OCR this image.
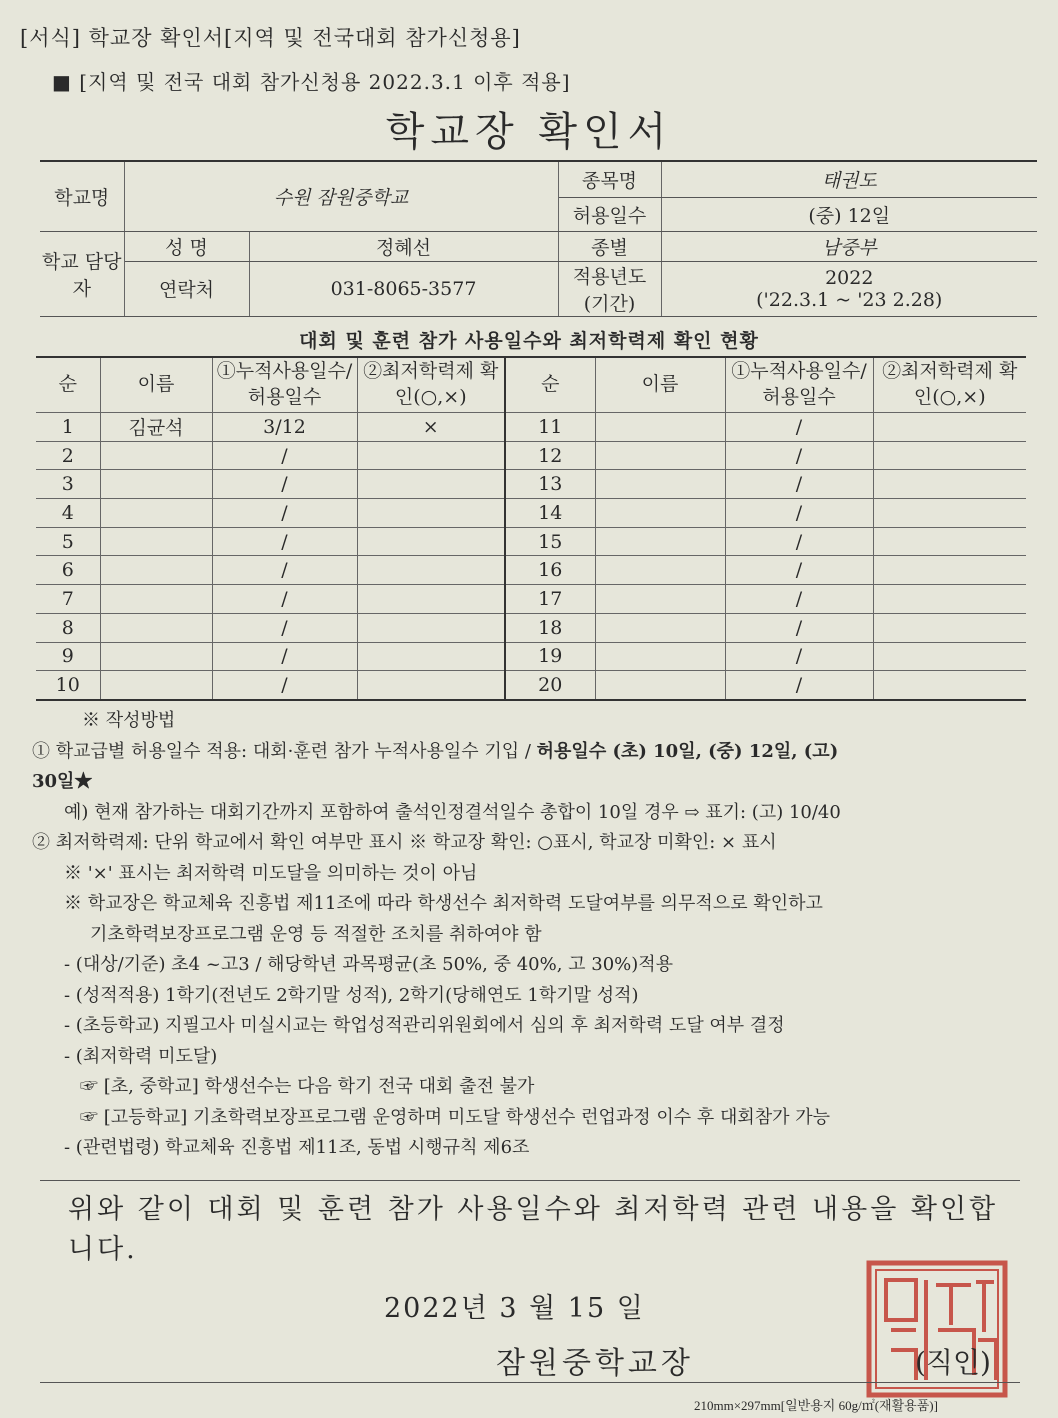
[서식] 학교장 확인서[지역 및 전국대회 참가신청용]
■ [지역 및 전국 대회 참가신청용 2022.3.1 이후 적용]
학교장 확인서
학교명	수원 잠원중학교		종목명	태권도
			허용일수	(중) 12일
학교 담당자	성 명	정혜선	종별	남중부
	연락처	031-8065-3577	적용년도 (기간)	2022
('22.3.1 ~ '23 2.28)
대회 및 훈련 참가 사용일수와 최저학력제 확인 현황
순	이름	①누적사용일수/ 허용일수	②최저학력제 확인(○,×)	순	이름	①누적사용일수/ 허용일수	②최저학력제 확인(○,×)
1	김균석	3/12	×	11		/	
2		/		12		/	
3		/		13		/	
4		/		14		/	
5		/		15		/	
6		/		16		/	
7		/		17		/	
8		/		18		/	
9		/		19		/	
10		/		20		/	
※ 작성방법
① 학교급별 허용일수 적용: 대회·훈련 참가 누적사용일수 기입 / 허용일수 (초) 10일, (중) 12일, (고)
30일★
예) 현재 참가하는 대회기간까지 포함하여 출석인정결석일수 총합이 10일 경우 ⇨ 표기: (고) 10/40
② 최저학력제: 단위 학교에서 확인 여부만 표시 ※ 학교장 확인: ○표시, 학교장 미확인: × 표시
※ '×' 표시는 최저학력 미도달을 의미하는 것이 아님
※ 학교장은 학교체육 진흥법 제11조에 따라 학생선수 최저학력 도달여부를 의무적으로 확인하고
기초학력보장프로그램 운영 등 적절한 조치를 취하여야 함
- (대상/기준) 초4 ~고3 / 해당학년 과목평균(초 50%, 중 40%, 고 30%)적용
- (성적적용) 1학기(전년도 2학기말 성적), 2학기(당해연도 1학기말 성적)
- (초등학교) 지필고사 미실시교는 학업성적관리위원회에서 심의 후 최저학력 도달 여부 결정
- (최저학력 미도달)
☞ [초, 중학교] 학생선수는 다음 학기 전국 대회 출전 불가
☞ [고등학교] 기초학력보장프로그램 운영하며 미도달 학생선수 런업과정 이수 후 대회참가 가능
- (관련법령) 학교체육 진흥법 제11조, 동법 시행규칙 제6조
위와 같이 대회 및 훈련 참가 사용일수와 최저학력 관련 내용을 확인합니다.
2022년 3 월 15 일
잠원중학교장	(직인)
210mm×297mm[일반용지 60g/㎡(재활용품)]
